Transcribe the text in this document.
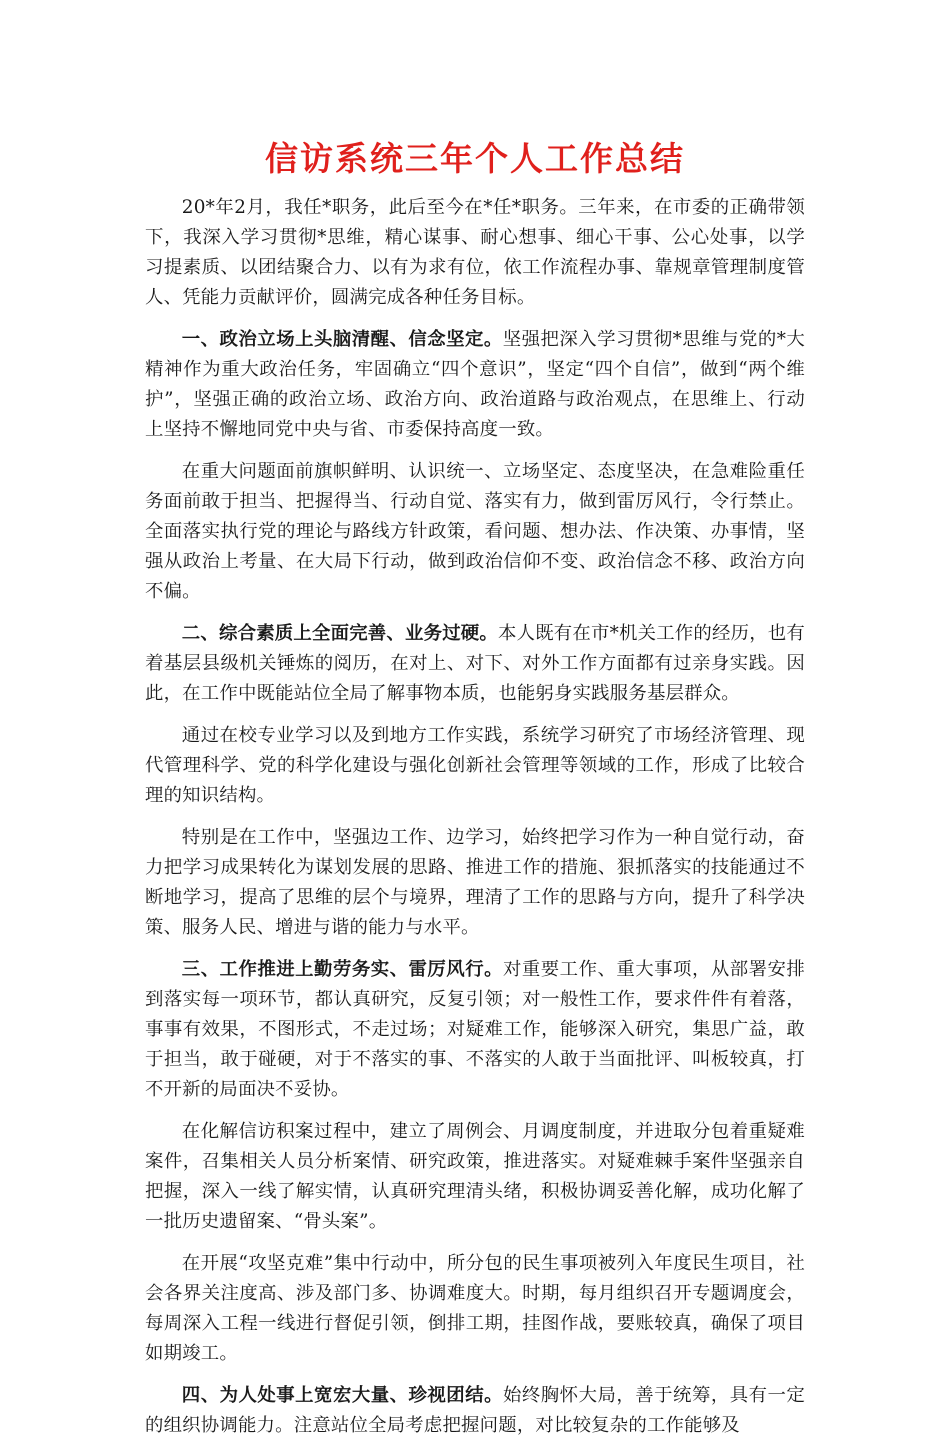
信访系统三年个人工作总结

20*年2月，我任*职务，此后至今在*任*职务。三年来，在市委的正确带领下，我深入学习贯彻*思维，精心谋事、耐心想事、细心干事、公心处事，以学习提素质、以团结聚合力、以有为求有位，依工作流程办事、靠规章管理制度管人、凭能力贡献评价，圆满完成各种任务目标。

一、政治立场上头脑清醒、信念坚定。坚强把深入学习贯彻*思维与党的*大精神作为重大政治任务，牢固确立“四个意识”，坚定“四个自信”，做到“两个维护”，坚强正确的政治立场、政治方向、政治道路与政治观点，在思维上、行动上坚持不懈地同党中央与省、市委保持高度一致。

在重大问题面前旗帜鲜明、认识统一、立场坚定、态度坚决，在急难险重任务面前敢于担当、把握得当、行动自觉、落实有力，做到雷厉风行，令行禁止。全面落实执行党的理论与路线方针政策，看问题、想办法、作决策、办事情，坚强从政治上考量、在大局下行动，做到政治信仰不变、政治信念不移、政治方向不偏。

二、综合素质上全面完善、业务过硬。本人既有在市*机关工作的经历，也有着基层县级机关锤炼的阅历，在对上、对下、对外工作方面都有过亲身实践。因此，在工作中既能站位全局了解事物本质，也能躬身实践服务基层群众。

通过在校专业学习以及到地方工作实践，系统学习研究了市场经济管理、现代管理科学、党的科学化建设与强化创新社会管理等领域的工作，形成了比较合理的知识结构。

特别是在工作中，坚强边工作、边学习，始终把学习作为一种自觉行动，奋力把学习成果转化为谋划发展的思路、推进工作的措施、狠抓落实的技能通过不断地学习，提高了思维的层个与境界，理清了工作的思路与方向，提升了科学决策、服务人民、增进与谐的能力与水平。

三、工作推进上勤劳务实、雷厉风行。对重要工作、重大事项，从部署安排到落实每一项环节，都认真研究，反复引领；对一般性工作，要求件件有着落，事事有效果，不图形式，不走过场；对疑难工作，能够深入研究，集思广益，敢于担当，敢于碰硬，对于不落实的事、不落实的人敢于当面批评、叫板较真，打不开新的局面决不妥协。

在化解信访积案过程中，建立了周例会、月调度制度，并进取分包着重疑难案件，召集相关人员分析案情、研究政策，推进落实。对疑难棘手案件坚强亲自把握，深入一线了解实情，认真研究理清头绪，积极协调妥善化解，成功化解了一批历史遗留案、“骨头案”。

在开展“攻坚克难”集中行动中，所分包的民生事项被列入年度民生项目，社会各界关注度高、涉及部门多、协调难度大。时期，每月组织召开专题调度会，每周深入工程一线进行督促引领，倒排工期，挂图作战，要账较真，确保了项目如期竣工。

四、为人处事上宽宏大量、珍视团结。始终胸怀大局，善于统筹，具有一定的组织协调能力。注意站位全局考虑把握问题，对比较复杂的工作能够及
